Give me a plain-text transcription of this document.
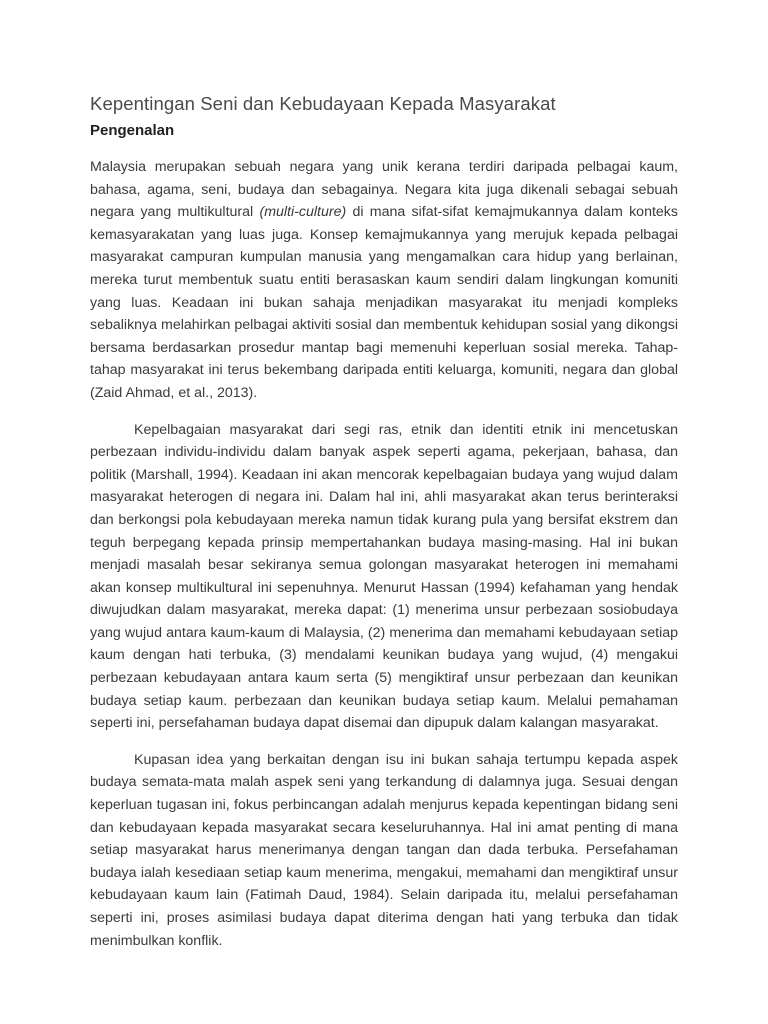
Kepentingan Seni dan Kebudayaan Kepada Masyarakat
Pengenalan

Malaysia merupakan sebuah negara yang unik kerana terdiri daripada pelbagai kaum, bahasa, agama, seni, budaya dan sebagainya. Negara kita juga dikenali sebagai sebuah negara yang multikultural (multi-culture) di mana sifat-sifat kemajmukannya dalam konteks kemasyarakatan yang luas juga. Konsep kemajmukannya yang merujuk kepada pelbagai masyarakat campuran kumpulan manusia yang mengamalkan cara hidup yang berlainan, mereka turut membentuk suatu entiti berasaskan kaum sendiri dalam lingkungan komuniti yang luas. Keadaan ini bukan sahaja menjadikan masyarakat itu menjadi kompleks sebaliknya melahirkan pelbagai aktiviti sosial dan membentuk kehidupan sosial yang dikongsi bersama berdasarkan prosedur mantap bagi memenuhi keperluan sosial mereka. Tahap-tahap masyarakat ini terus bekembang daripada entiti keluarga, komuniti, negara dan global (Zaid Ahmad, et al., 2013).

Kepelbagaian masyarakat dari segi ras, etnik dan identiti etnik ini mencetuskan perbezaan individu-individu dalam banyak aspek seperti agama, pekerjaan, bahasa, dan politik (Marshall, 1994). Keadaan ini akan mencorak kepelbagaian budaya yang wujud dalam masyarakat heterogen di negara ini. Dalam hal ini, ahli masyarakat akan terus berinteraksi dan berkongsi pola kebudayaan mereka namun tidak kurang pula yang bersifat ekstrem dan teguh berpegang kepada prinsip mempertahankan budaya masing-masing. Hal ini bukan menjadi masalah besar sekiranya semua golongan masyarakat heterogen ini memahami akan konsep multikultural ini sepenuhnya. Menurut Hassan (1994) kefahaman yang hendak diwujudkan dalam masyarakat, mereka dapat: (1) menerima unsur perbezaan sosiobudaya yang wujud antara kaum-kaum di Malaysia, (2) menerima dan memahami kebudayaan setiap kaum dengan hati terbuka, (3) mendalami keunikan budaya yang wujud, (4) mengakui perbezaan kebudayaan antara kaum serta (5) mengiktiraf unsur perbezaan dan keunikan budaya setiap kaum. perbezaan dan keunikan budaya setiap kaum. Melalui pemahaman seperti ini, persefahaman budaya dapat disemai dan dipupuk dalam kalangan masyarakat.

Kupasan idea yang berkaitan dengan isu ini bukan sahaja tertumpu kepada aspek budaya semata-mata malah aspek seni yang terkandung di dalamnya juga. Sesuai dengan keperluan tugasan ini, fokus perbincangan adalah menjurus kepada kepentingan bidang seni dan kebudayaan kepada masyarakat secara keseluruhannya. Hal ini amat penting di mana setiap masyarakat harus menerimanya dengan tangan dan dada terbuka. Persefahaman budaya ialah kesediaan setiap kaum menerima, mengakui, memahami dan mengiktiraf unsur kebudayaan kaum lain (Fatimah Daud, 1984). Selain daripada itu, melalui persefahaman seperti ini, proses asimilasi budaya dapat diterima dengan hati yang terbuka dan tidak menimbulkan konflik.
